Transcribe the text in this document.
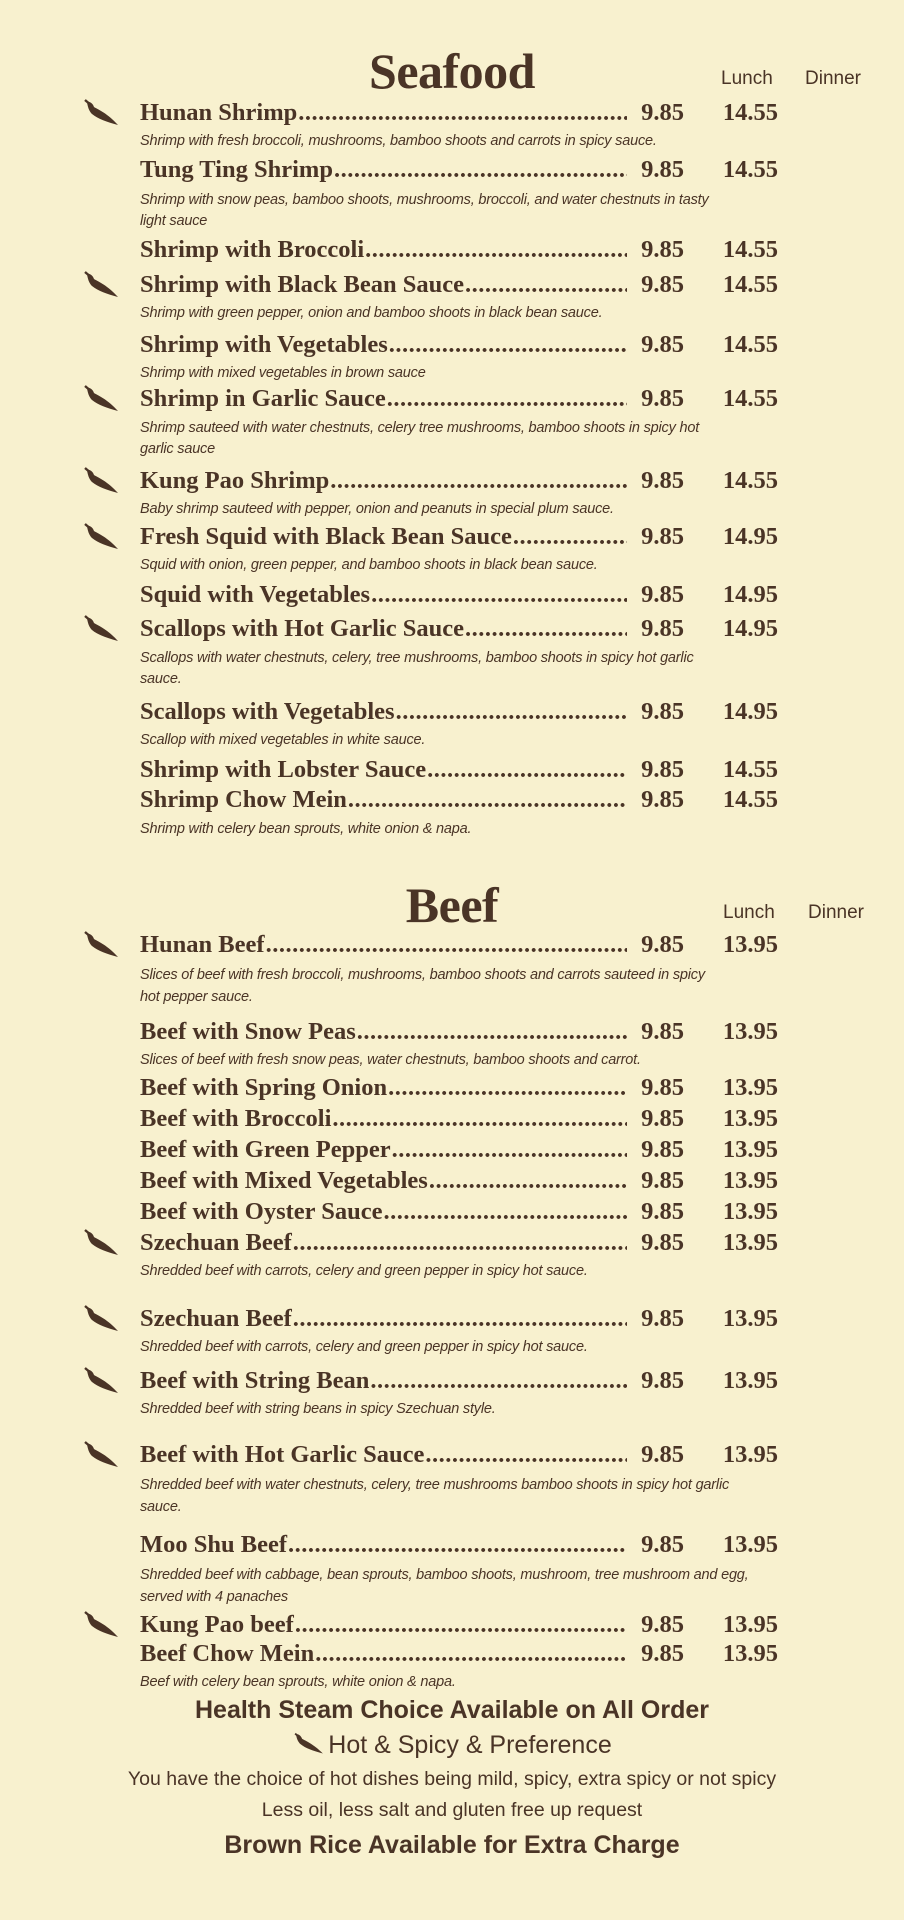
Seafood	Lunch Dinner
Hunan Shrimp .....	9.85	14.55
Shrimp with fresh broccoli, mushrooms, bamboo shoots and carrots in spicy sauce.
Tung Ting Shrimp .....	9.85	14.55
Shrimp with snow peas, bamboo shoots, mushrooms, broccoli, and water chestnuts in tasty
light sauce
Shrimp with Broccoli .....	9.85	14.55
Shrimp with Black Bean Sauce .....	9.85	14.55
Shrimp with green pepper, onion and bamboo shoots in black bean sauce.
Shrimp with Vegetables .....	9.85	14.55
Shrimp with mixed vegetables in brown sauce
Shrimp in Garlic Sauce .....	9.85	14.55
Shrimp sauteed with water chestnuts, celery tree mushrooms, bamboo shoots in spicy hot
garlic sauce
Kung Pao Shrimp .....	9.85	14.55
Baby shrimp sauteed with pepper, onion and peanuts in special plum sauce.
Fresh Squid with Black Bean Sauce .....	9.85	14.95
Squid with onion, green pepper, and bamboo shoots in black bean sauce.
Squid with Vegetables .....	9.85	14.95
Scallops with Hot Garlic Sauce .....	9.85	14.95
Scallops with water chestnuts, celery, tree mushrooms, bamboo shoots in spicy hot garlic
sauce.
Scallops with Vegetables .....	9.85	14.95
Scallop with mixed vegetables in white sauce.
Shrimp with Lobster Sauce .....	9.85	14.55
Shrimp Chow Mein .....	9.85	14.55
Shrimp with celery bean sprouts, white onion & napa.
Beef	Lunch Dinner
Hunan Beef .....	9.85	13.95
Slices of beef with fresh broccoli, mushrooms, bamboo shoots and carrots sauteed in spicy
hot pepper sauce.
Beef with Snow Peas .....	9.85	13.95
Slices of beef with fresh snow peas, water chestnuts, bamboo shoots and carrot.
Beef with Spring Onion .....	9.85	13.95
Beef with Broccoli .....	9.85	13.95
Beef with Green Pepper .....	9.85	13.95
Beef with Mixed Vegetables .....	9.85	13.95
Beef with Oyster Sauce .....	9.85	13.95
Szechuan Beef .....	9.85	13.95
Shredded beef with carrots, celery and green pepper in spicy hot sauce.
Szechuan Beef .....	9.85	13.95
Shredded beef with carrots, celery and green pepper in spicy hot sauce.
Beef with String Bean .....	9.85	13.95
Shredded beef with string beans in spicy Szechuan style.
Beef with Hot Garlic Sauce .....	9.85	13.95
Shredded beef with water chestnuts, celery, tree mushrooms bamboo shoots in spicy hot garlic
sauce.
Moo Shu Beef .....	9.85	13.95
Shredded beef with cabbage, bean sprouts, bamboo shoots, mushroom, tree mushroom and egg,
served with 4 panaches
Kung Pao beef .....	9.85	13.95
Beef Chow Mein .....	9.85	13.95
Beef with celery bean sprouts, white onion & napa.
Health Steam Choice Available on All Order
Hot & Spicy & Preference
You have the choice of hot dishes being mild, spicy, extra spicy or not spicy
Less oil, less salt and gluten free up request
Brown Rice Available for Extra Charge
